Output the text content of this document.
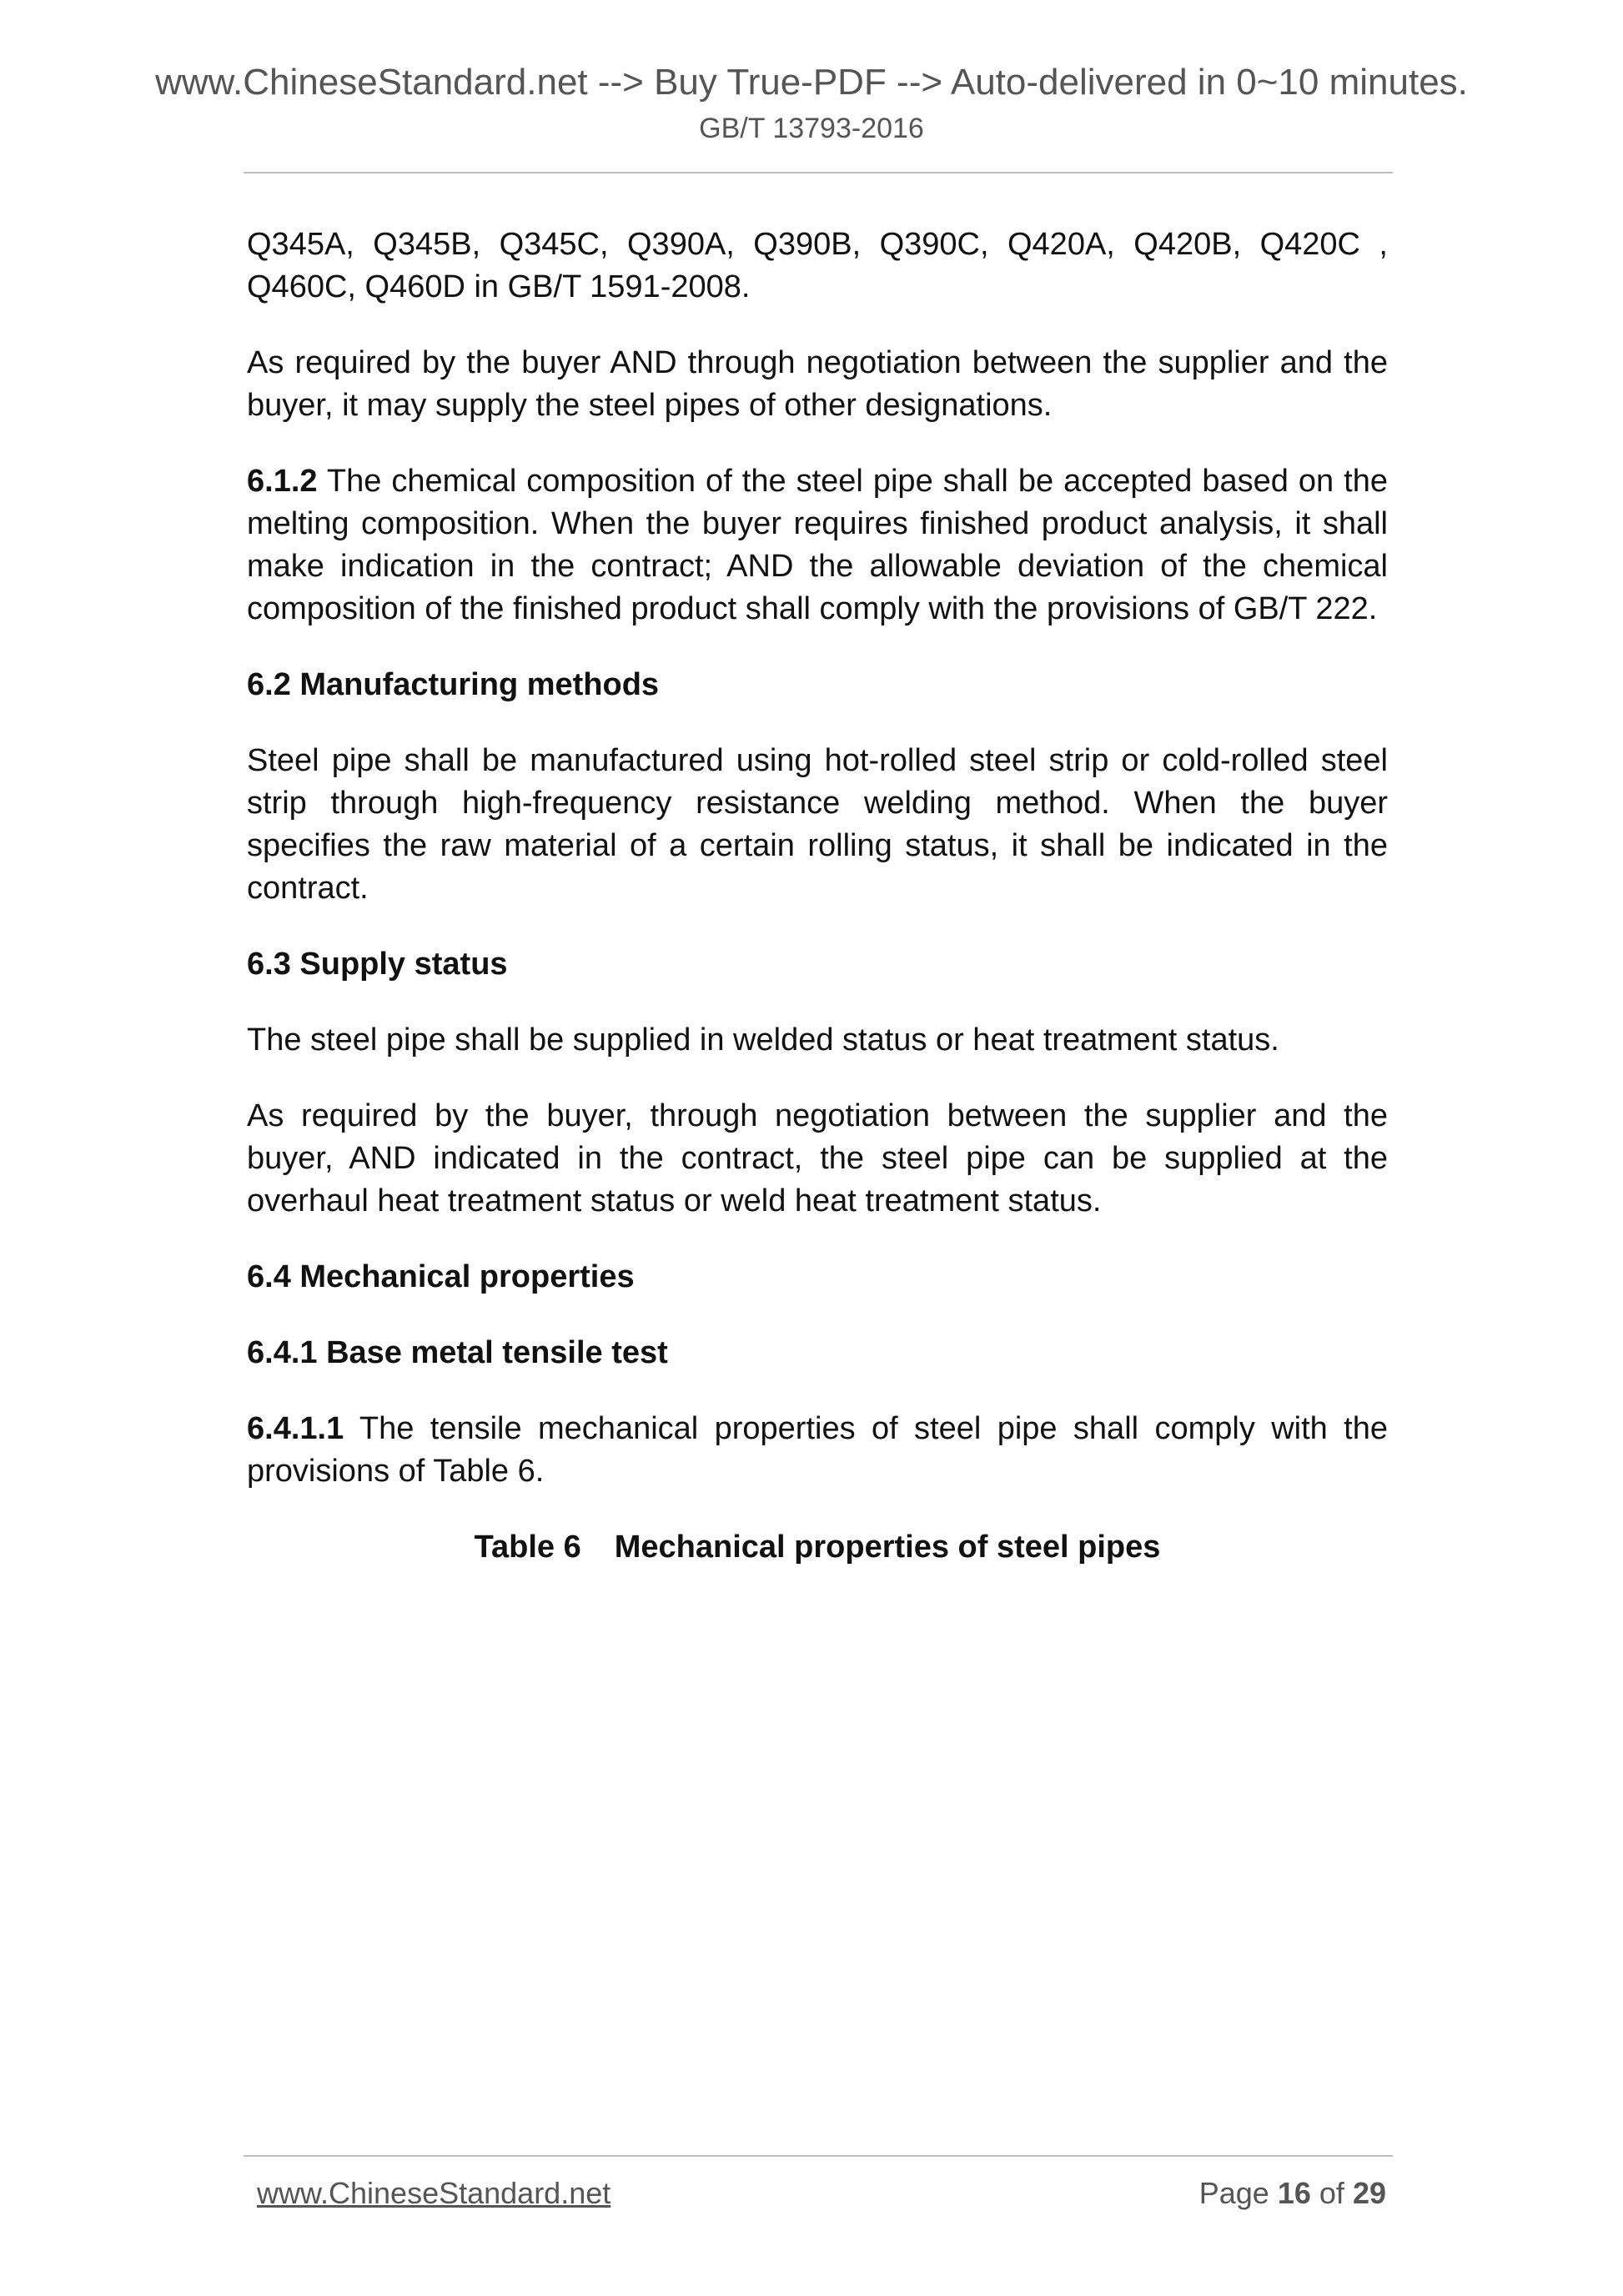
www.ChineseStandard.net --> Buy True-PDF --> Auto-delivered in 0~10 minutes.
GB/T 13793-2016

Q345A, Q345B, Q345C, Q390A, Q390B, Q390C, Q420A, Q420B, Q420C , Q460C, Q460D in GB/T 1591-2008.

As required by the buyer AND through negotiation between the supplier and the buyer, it may supply the steel pipes of other designations.

6.1.2 The chemical composition of the steel pipe shall be accepted based on the melting composition. When the buyer requires finished product analysis, it shall make indication in the contract; AND the allowable deviation of the chemical composition of the finished product shall comply with the provisions of GB/T 222.

6.2 Manufacturing methods

Steel pipe shall be manufactured using hot-rolled steel strip or cold-rolled steel strip through high-frequency resistance welding method. When the buyer specifies the raw material of a certain rolling status, it shall be indicated in the contract.

6.3 Supply status

The steel pipe shall be supplied in welded status or heat treatment status.

As required by the buyer, through negotiation between the supplier and the buyer, AND indicated in the contract, the steel pipe can be supplied at the overhaul heat treatment status or weld heat treatment status.

6.4 Mechanical properties

6.4.1 Base metal tensile test

6.4.1.1 The tensile mechanical properties of steel pipe shall comply with the provisions of Table 6.

Table 6 Mechanical properties of steel pipes

www.ChineseStandard.net	Page 16 of 29
